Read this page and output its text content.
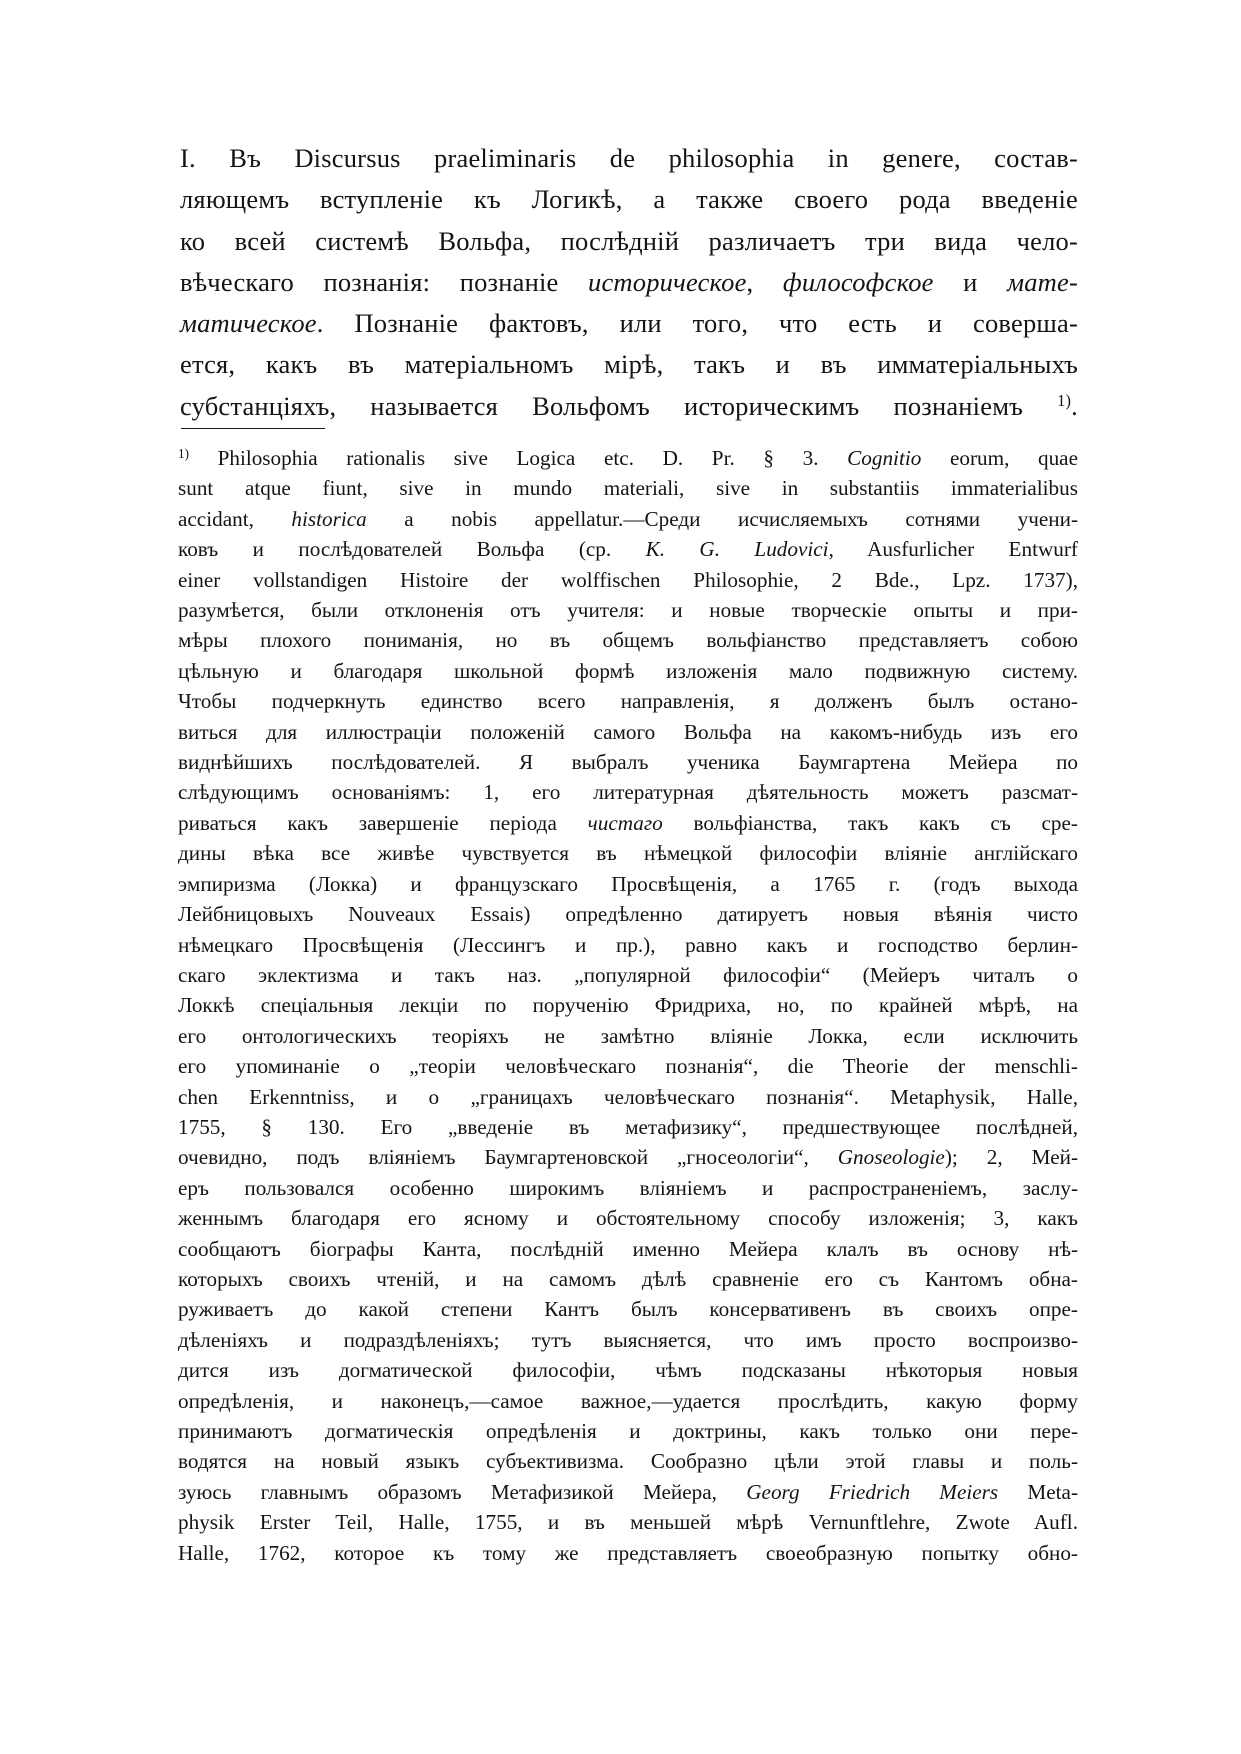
I. Въ Discursus praeliminaris de philosophia in genere, состав-
ляющемъ вступленіе къ Логикѣ, а также своего рода введеніе
ко всей системѣ Вольфа, послѣдній различаетъ три вида чело-
вѣческаго познанія: познаніе историческое, философское и мате-
матическое. Познаніе фактовъ, или того, что есть и соверша-
ется, какъ въ матеріальномъ мірѣ, такъ и въ имматеріальныхъ
субстанціяхъ, называется Вольфомъ историческимъ познаніемъ $^{1)}$.
$^{1)}$ Philosophia rationalis sive Logica etc. D. Pr. § 3. Cognitio eorum, quae
sunt atque fiunt, sive in mundo materiali, sive in substantiis immaterialibus
accidant, historica a nobis appellatur.—Среди исчисляемыхъ сотнями учени-
ковъ и послѣдователей Вольфа (ср. K. G. Ludovici, Ausfurlicher Entwurf
einer vollstandigen Histoire der wolffischen Philosophie, 2 Bde., Lpz. 1737),
разумѣется, были отклоненія отъ учителя: и новые творческіе опыты и при-
мѣры плохого пониманія, но въ общемъ вольфіанство представляетъ собою
цѣльную и благодаря школьной формѣ изложенія мало подвижную систему.
Чтобы подчеркнуть единство всего направленія, я долженъ былъ остано-
виться для иллюстраціи положеній самого Вольфа на какомъ-нибудь изъ его
виднѣйшихъ послѣдователей. Я выбралъ ученика Баумгартена Мейера по
слѣдующимъ основаніямъ: 1, его литературная дѣятельность можетъ разсмат-
риваться какъ завершеніе періода чистаго вольфіанства, такъ какъ съ сре-
дины вѣка все живѣе чувствуется въ нѣмецкой философіи вліяніе англійскаго
эмпиризма (Локка) и французскаго Просвѣщенія, а 1765 г. (годъ выхода
Лейбницовыхъ Nouveaux Essais) опредѣленно датируетъ новыя вѣянія чисто
нѣмецкаго Просвѣщенія (Лессингъ и пр.), равно какъ и господство берлин-
скаго эклектизма и такъ наз. „популярной философіи“ (Мейеръ читалъ о
Локкѣ спеціальныя лекціи по порученію Фридриха, но, по крайней мѣрѣ, на
его онтологическихъ теоріяхъ не замѣтно вліяніе Локка, если исключить
его упоминаніе о „теоріи человѣческаго познанія“, die Theorie der menschli-
chen Erkenntniss, и о „границахъ человѣческаго познанія“. Metaphysik, Halle,
1755, § 130. Его „введеніе въ метафизику“, предшествующее послѣдней,
очевидно, подъ вліяніемъ Баумгартеновской „гносеологіи“, Gnoseologie); 2, Мей-
еръ пользовался особенно широкимъ вліяніемъ и распространеніемъ, заслу-
женнымъ благодаря его ясному и обстоятельному способу изложенія; 3, какъ
сообщаютъ біографы Канта, послѣдній именно Мейера клалъ въ основу нѣ-
которыхъ своихъ чтеній, и на самомъ дѣлѣ сравненіе его съ Кантомъ обна-
руживаетъ до какой степени Кантъ былъ консервативенъ въ своихъ опре-
дѣленіяхъ и подраздѣленіяхъ; тутъ выясняется, что имъ просто воспроизво-
дится изъ догматической философіи, чѣмъ подсказаны нѣкоторыя новыя
опредѣленія, и наконецъ,—самое важное,—удается прослѣдить, какую форму
принимаютъ догматическія опредѣленія и доктрины, какъ только они пере-
водятся на новый языкъ субъективизма. Сообразно цѣли этой главы и поль-
зуюсь главнымъ образомъ Метафизикой Мейера, Georg Friedrich Meiers Meta-
physik Erster Teil, Halle, 1755, и въ меньшей мѣрѣ Vernunftlehre, Zwote Aufl.
Halle, 1762, которое къ тому же представляетъ своеобразную попытку обно-
